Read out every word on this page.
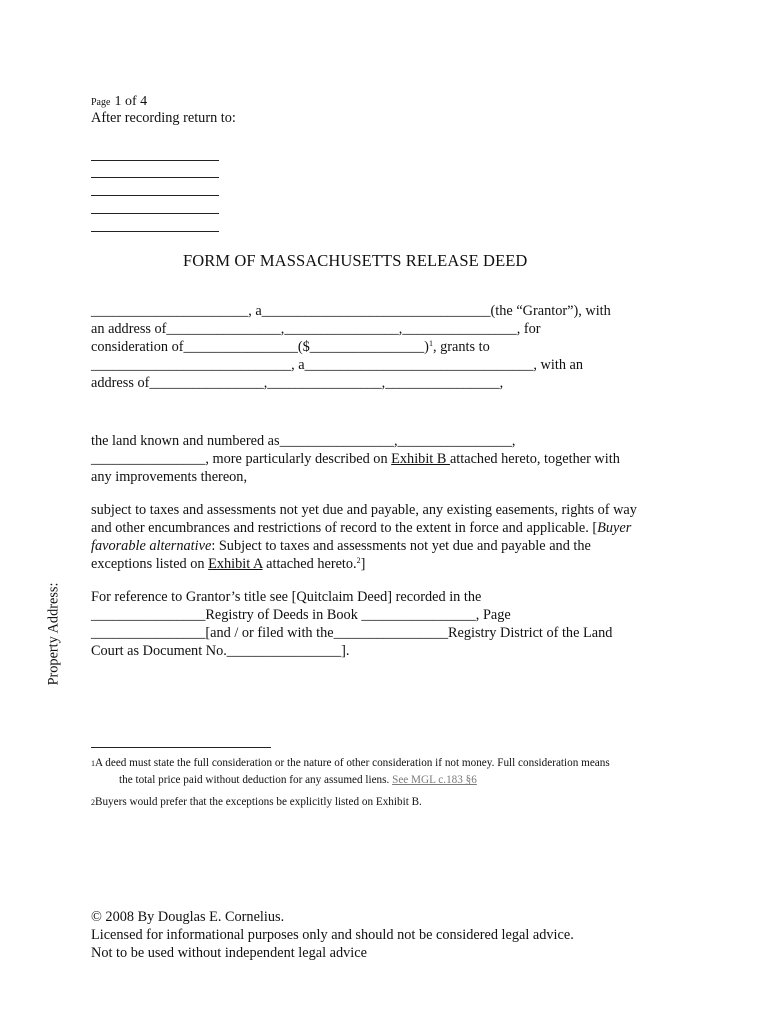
Page 1 of 4
After recording return to:
FORM OF MASSACHUSETTS RELEASE DEED
______________________, a________________________________(the “Grantor”), with
an address of________________,________________,________________, for
consideration of________________($________________)$^1$, grants to
____________________________, a________________________________, with an
address of________________,________________,________________,
the land known and numbered as________________,________________,
________________, more particularly described on Exhibit B attached hereto, together with
any improvements thereon,
subject to taxes and assessments not yet due and payable, any existing easements, rights of way
and other encumbrances and restrictions of record to the extent in force and applicable. [Buyer
favorable alternative: Subject to taxes and assessments not yet due and payable and the
exceptions listed on Exhibit A attached hereto.$^2$]
For reference to Grantor’s title see [Quitclaim Deed] recorded in the
________________Registry of Deeds in Book ________________, Page
________________[and / or filed with the________________Registry District of the Land
Court as Document No.________________].
Property Address:
$^1$A deed must state the full consideration or the nature of other consideration if not money. Full consideration means
the total price paid without deduction for any assumed liens. See MGL c.183 §6
$^2$Buyers would prefer that the exceptions be explicitly listed on Exhibit B.
© 2008 By Douglas E. Cornelius.
Licensed for informational purposes only and should not be considered legal advice.
Not to be used without independent legal advice
